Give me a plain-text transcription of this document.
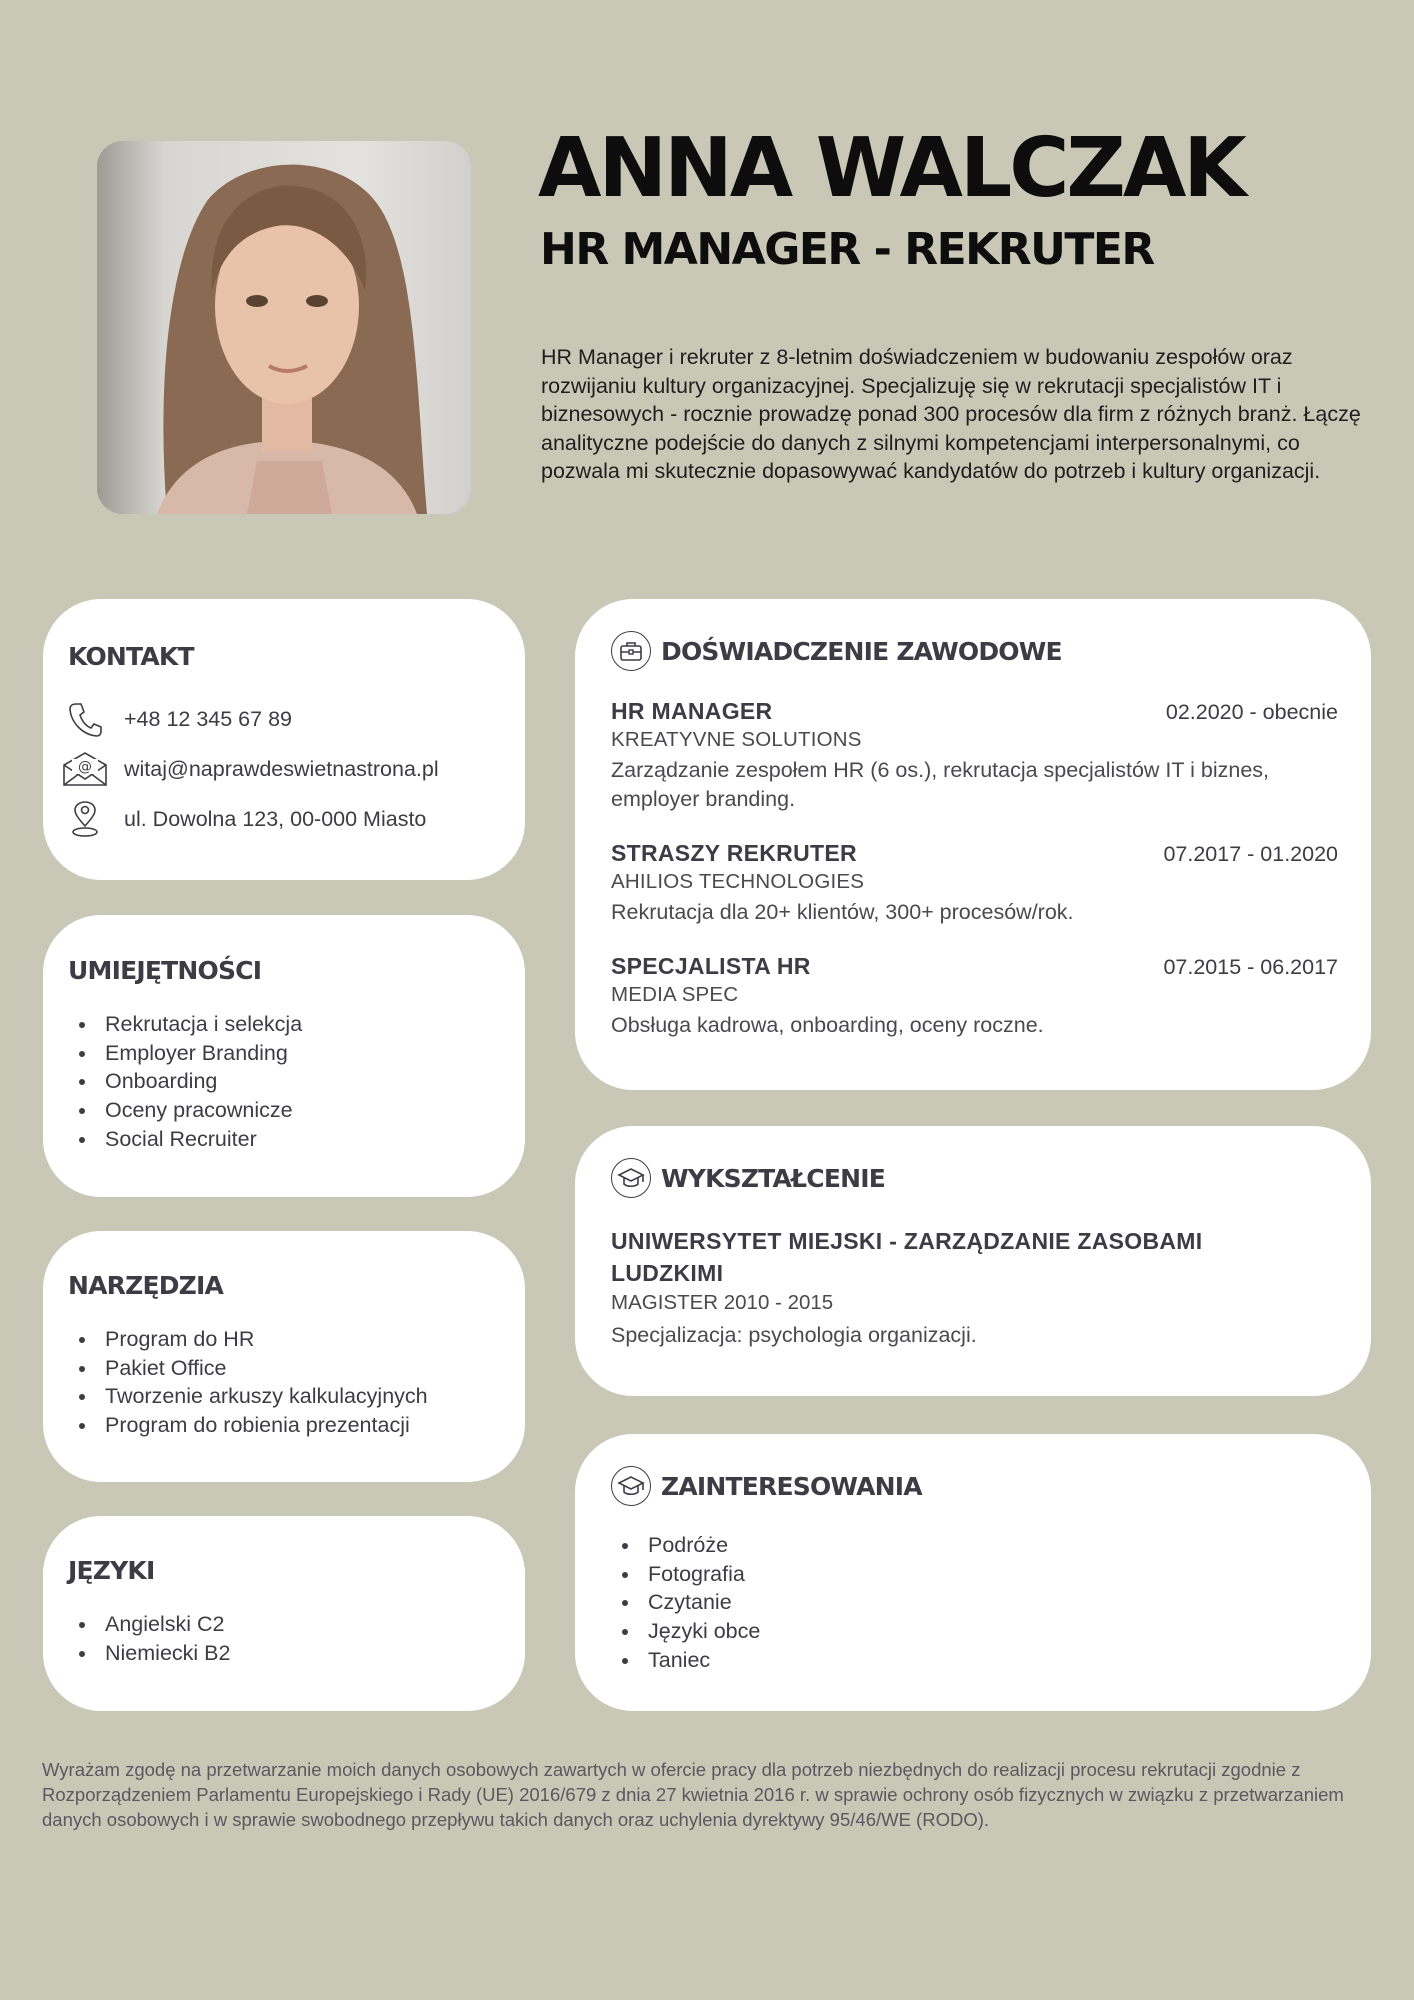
ANNA WALCZAK
HR MANAGER - REKRUTER
HR Manager i rekruter z 8-letnim doświadczeniem w budowaniu zespołów oraz rozwijaniu kultury organizacyjnej. Specjalizuję się w rekrutacji specjalistów IT i biznesowych - rocznie prowadzę ponad 300 procesów dla firm z różnych branż. Łączę analityczne podejście do danych z silnymi kompetencjami interpersonalnymi, co pozwala mi skutecznie dopasowywać kandydatów do potrzeb i kultury organizacji.
KONTAKT
+48 12 345 67 89
@ witaj@naprawdeswietnastrona.pl
ul. Dowolna 123, 00-000 Miasto
UMIEJĘTNOŚCI
Rekrutacja i selekcja
Employer Branding
Onboarding
Oceny pracownicze
Social Recruiter
NARZĘDZIA
Program do HR
Pakiet Office
Tworzenie arkuszy kalkulacyjnych
Program do robienia prezentacji
JĘZYKI
Angielski C2
Niemiecki B2
DOŚWIADCZENIE ZAWODOWE
HR MANAGER	02.2020 - obecnie
KREATYVNE SOLUTIONS
Zarządzanie zespołem HR (6 os.), rekrutacja specjalistów IT i biznes, employer branding.
STRASZY REKRUTER	07.2017 - 01.2020
AHILIOS TECHNOLOGIES
Rekrutacja dla 20+ klientów, 300+ procesów/rok.
SPECJALISTA HR	07.2015 - 06.2017
MEDIA SPEC
Obsługa kadrowa, onboarding, oceny roczne.
WYKSZTAŁCENIE
UNIWERSYTET MIEJSKI - ZARZĄDZANIE ZASOBAMI LUDZKIMI
MAGISTER 2010 - 2015
Specjalizacja: psychologia organizacji.
ZAINTERESOWANIA
Podróże
Fotografia
Czytanie
Języki obce
Taniec
Wyrażam zgodę na przetwarzanie moich danych osobowych zawartych w ofercie pracy dla potrzeb niezbędnych do realizacji procesu rekrutacji zgodnie z Rozporządzeniem Parlamentu Europejskiego i Rady (UE) 2016/679 z dnia 27 kwietnia 2016 r. w sprawie ochrony osób fizycznych w związku z przetwarzaniem danych osobowych i w sprawie swobodnego przepływu takich danych oraz uchylenia dyrektywy 95/46/WE (RODO).
